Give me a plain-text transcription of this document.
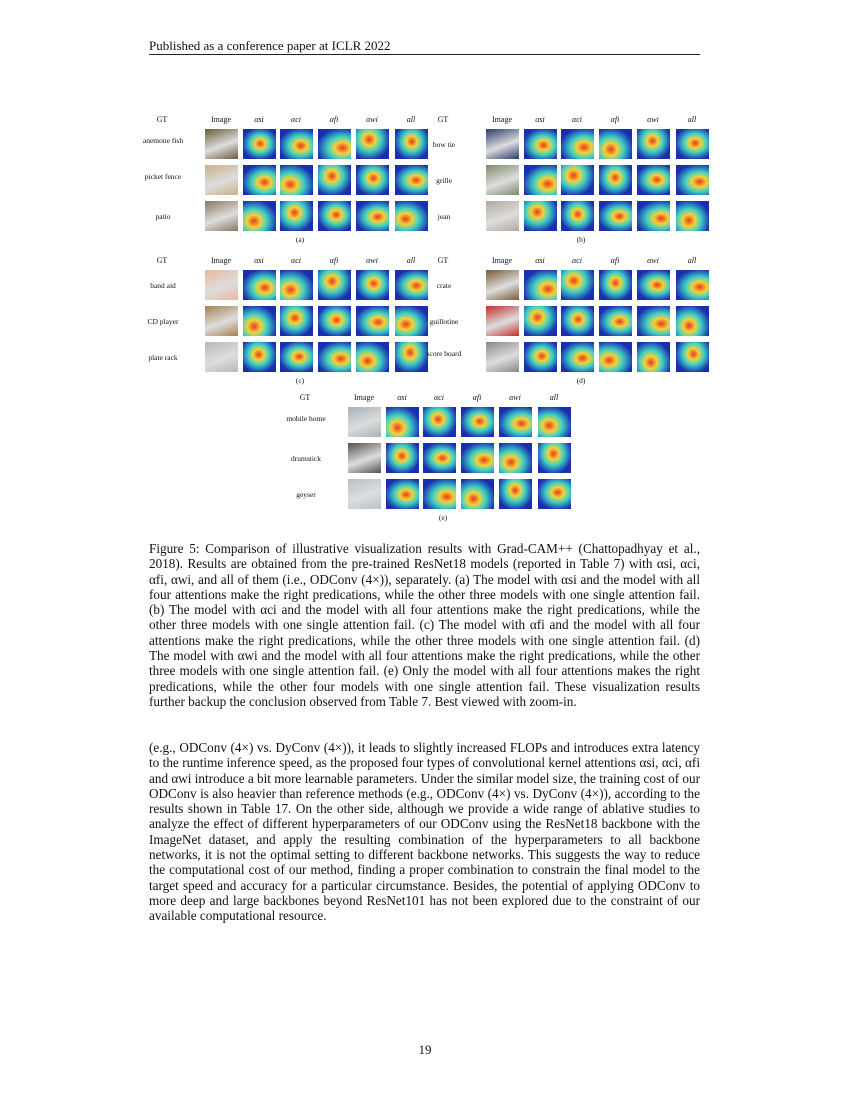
Published as a conference paper at ICLR 2022
GT	Image	αsi	αci	αfi	αwi	all
anemone fish
picket fence
patio
(a)
GT	Image	αsi	αci	αfi	αwi	all
bow tie
grille
jean
(b)
GT	Image	αsi	αci	αfi	αwi	all
band aid
CD player
plate rack
(c)
GT	Image	αsi	αci	αfi	αwi	all
crate
guillotine
score board
(d)
GT	Image	αsi	αci	αfi	αwi	all
mobile home
drumstick
geyser
(e)
Figure 5: Comparison of illustrative visualization results with Grad-CAM++ (Chattopadhyay et al., 2018). Results are obtained from the pre-trained ResNet18 models (reported in Table 7) with αsi, αci, αfi, αwi, and all of them (i.e., ODConv (4×)), separately. (a) The model with αsi and the model with all four attentions make the right predications, while the other three models with one single attention fail. (b) The model with αci and the model with all four attentions make the right predications, while the other three models with one single attention fail. (c) The model with αfi and the model with all four attentions make the right predications, while the other three models with one single attention fail. (d) The model with αwi and the model with all four attentions make the right predications, while the other three models with one single attention fail. (e) Only the model with all four attentions makes the right predications, while the other four models with one single attention fail. These visualization results further backup the conclusion observed from Table 7. Best viewed with zoom-in.
(e.g., ODConv (4×) vs. DyConv (4×)), it leads to slightly increased FLOPs and introduces extra latency to the runtime inference speed, as the proposed four types of convolutional kernel attentions αsi, αci, αfi and αwi introduce a bit more learnable parameters. Under the similar model size, the training cost of our ODConv is also heavier than reference methods (e.g., ODConv (4×) vs. DyConv (4×)), according to the results shown in Table 17. On the other side, although we provide a wide range of ablative studies to analyze the effect of different hyperparameters of our ODConv using the ResNet18 backbone with the ImageNet dataset, and apply the resulting combination of the hyperparameters to all backbone networks, it is not the optimal setting to different backbone networks. This suggests the way to reduce the computational cost of our method, finding a proper combination to constrain the final model to the target speed and accuracy for a particular circumstance. Besides, the potential of applying ODConv to more deep and large backbones beyond ResNet101 has not been explored due to the constraint of our available computational resource.
19
